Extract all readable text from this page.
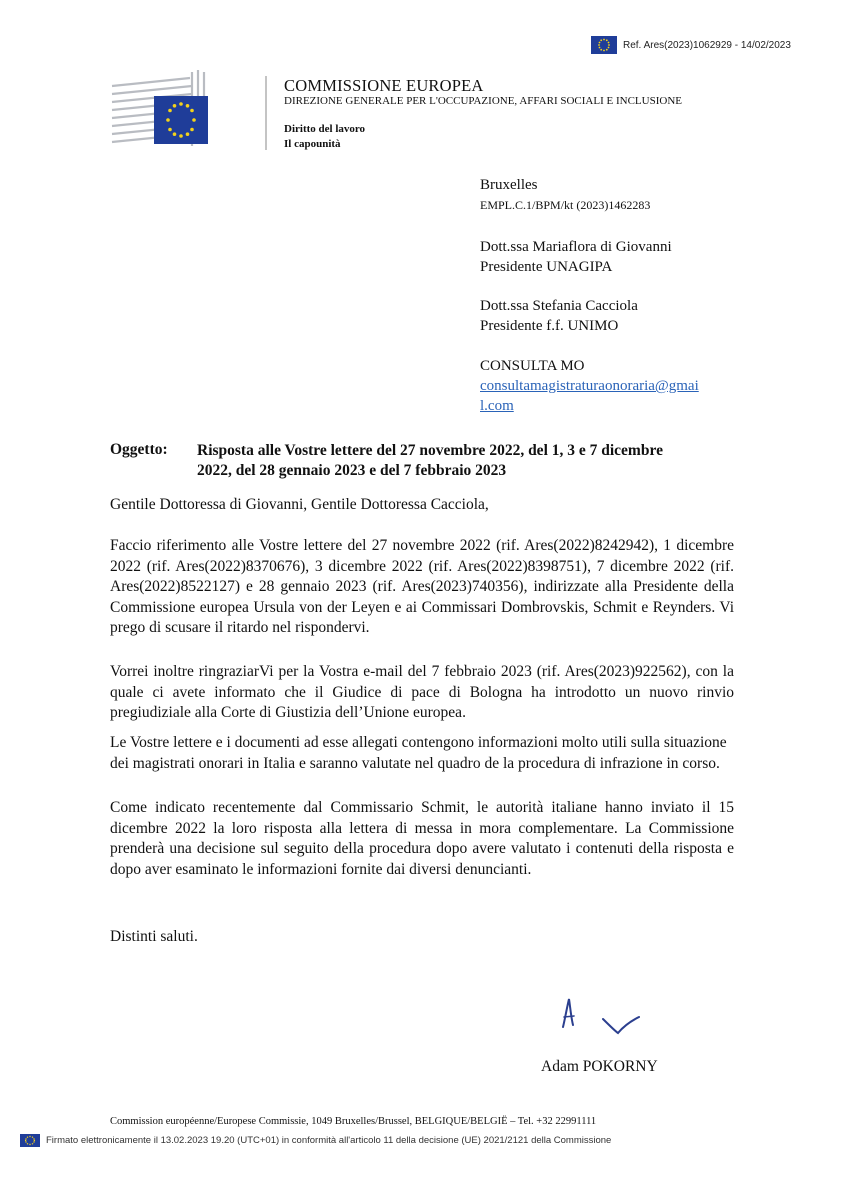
Ref. Ares(2023)1062929 - 14/02/2023
COMMISSIONE EUROPEA
DIREZIONE GENERALE PER L'OCCUPAZIONE, AFFARI SOCIALI E INCLUSIONE
Diritto del lavoro
Il capounità
Bruxelles
EMPL.C.1/BPM/kt (2023)1462283
Dott.ssa Mariaflora di Giovanni
Presidente UNAGIPA
Dott.ssa Stefania Cacciola
Presidente f.f. UNIMO
CONSULTA MO
consultamagistraturaonoraria@gmai
l.com
Oggetto: Risposta alle Vostre lettere del 27 novembre 2022, del 1, 3 e 7 dicembre
2022, del 28 gennaio 2023 e del 7 febbraio 2023
Gentile Dottoressa di Giovanni, Gentile Dottoressa Cacciola,
Faccio riferimento alle Vostre lettere del 27 novembre 2022 (rif. Ares(2022)8242942), 1 dicembre 2022 (rif. Ares(2022)8370676), 3 dicembre 2022 (rif. Ares(2022)8398751), 7 dicembre 2022 (rif. Ares(2022)8522127) e 28 gennaio 2023 (rif. Ares(2023)740356), indirizzate alla Presidente della Commissione europea Ursula von der Leyen e ai Commissari Dombrovskis, Schmit e Reynders. Vi prego di scusare il ritardo nel rispondervi.
Vorrei inoltre ringraziarVi per la Vostra e-mail del 7 febbraio 2023 (rif. Ares(2023)922562), con la quale ci avete informato che il Giudice di pace di Bologna ha introdotto un nuovo rinvio pregiudiziale alla Corte di Giustizia dell’Unione europea.
Le Vostre lettere e i documenti ad esse allegati contengono informazioni molto utili sulla situazione dei magistrati onorari in Italia e saranno valutate nel quadro de la procedura di infrazione in corso.
Come indicato recentemente dal Commissario Schmit, le autorità italiane hanno inviato il 15 dicembre 2022 la loro risposta alla lettera di messa in mora complementare. La Commissione prenderà una decisione sul seguito della procedura dopo avere valutato i contenuti della risposta e dopo aver esaminato le informazioni fornite dai diversi denuncianti.
Distinti saluti.
Adam POKORNY
Commission européenne/Europese Commissie, 1049 Bruxelles/Brussel, BELGIQUE/BELGIË – Tel. +32 22991111
Firmato elettronicamente il 13.02.2023 19.20 (UTC+01) in conformità all'articolo 11 della decisione (UE) 2021/2121 della Commissione
